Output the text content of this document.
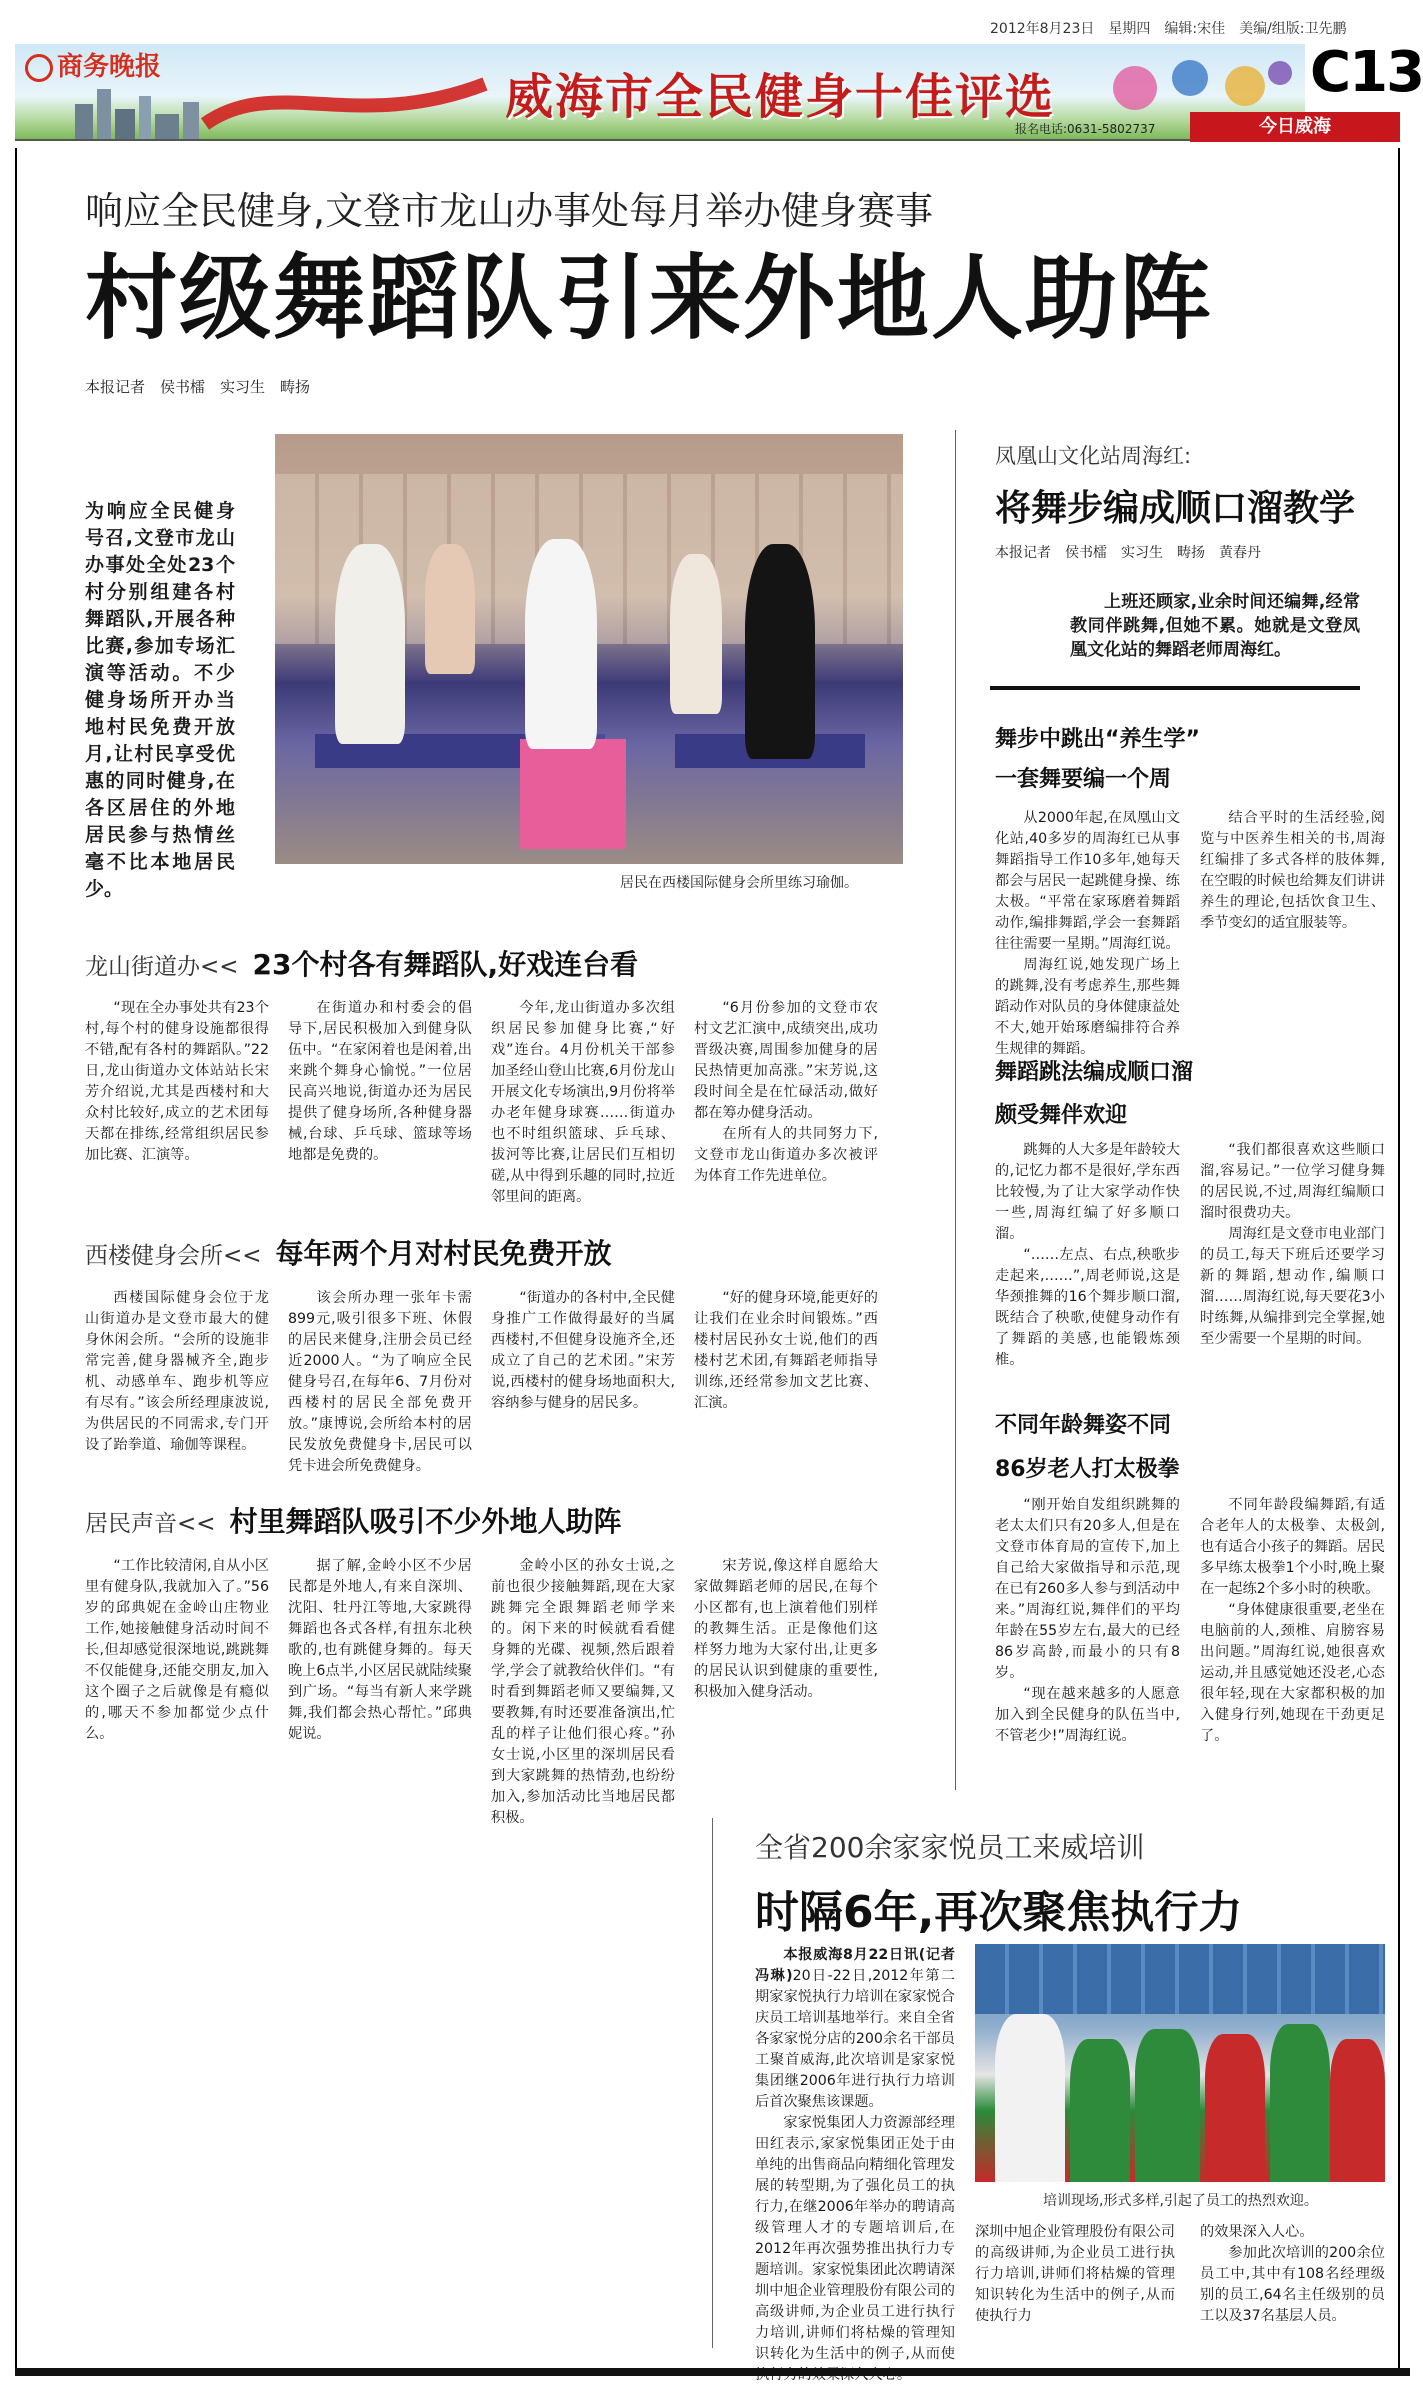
2012年8月23日　星期四　编辑:宋佳　美编/组版:卫先鹏
商务晚报
威海市全民健身十佳评选
报名电话:0631-5802737
C13
今日威海
响应全民健身,文登市龙山办事处每月举办健身赛事
村级舞蹈队引来外地人助阵
本报记者　侯书檑　实习生　畴扬
为响应全民健身号召,文登市龙山办事处全处23个村分别组建各村舞蹈队,开展各种比赛,参加专场汇演等活动。不少健身场所开办当地村民免费开放月,让村民享受优惠的同时健身,在各区居住的外地居民参与热情丝毫不比本地居民少。	居民在西楼国际健身会所里练习瑜伽。
龙山街道办<< 23个村各有舞蹈队,好戏连台看

“现在全办事处共有23个村,每个村的健身设施都很得不错,配有各村的舞蹈队。”22日,龙山街道办文体站站长宋芳介绍说,尤其是西楼村和大众村比较好,成立的艺术团每天都在排练,经常组织居民参加比赛、汇演等。

在街道办和村委会的倡导下,居民积极加入到健身队伍中。“在家闲着也是闲着,出来跳个舞身心愉悦。”一位居民高兴地说,街道办还为居民提供了健身场所,各种健身器械,台球、乒乓球、篮球等场地都是免费的。

今年,龙山街道办多次组织居民参加健身比赛,“好戏”连台。4月份机关干部参加圣经山登山比赛,6月份龙山开展文化专场演出,9月份将举办老年健身球赛……街道办也不时组织篮球、乒乓球、拔河等比赛,让居民们互相切磋,从中得到乐趣的同时,拉近邻里间的距离。

“6月份参加的文登市农村文艺汇演中,成绩突出,成功晋级决赛,周围参加健身的居民热情更加高涨。”宋芳说,这段时间全是在忙碌活动,做好都在筹办健身活动。

在所有人的共同努力下,文登市龙山街道办多次被评为体育工作先进单位。

西楼健身会所<< 每年两个月对村民免费开放

西楼国际健身会位于龙山街道办是文登市最大的健身休闲会所。“会所的设施非常完善,健身器械齐全,跑步机、动感单车、跑步机等应有尽有。”该会所经理康波说,为供居民的不同需求,专门开设了跆拳道、瑜伽等课程。

该会所办理一张年卡需899元,吸引很多下班、休假的居民来健身,注册会员已经近2000人。“为了响应全民健身号召,在每年6、7月份对西楼村的居民全部免费开放。”康博说,会所给本村的居民发放免费健身卡,居民可以凭卡进会所免费健身。

“街道办的各村中,全民健身推广工作做得最好的当属西楼村,不但健身设施齐全,还成立了自己的艺术团。”宋芳说,西楼村的健身场地面积大,容纳参与健身的居民多。

“好的健身环境,能更好的让我们在业余时间锻炼。”西楼村居民孙女士说,他们的西楼村艺术团,有舞蹈老师指导训练,还经常参加文艺比赛、汇演。

居民声音<< 村里舞蹈队吸引不少外地人助阵

“工作比较清闲,自从小区里有健身队,我就加入了。”56岁的邱典妮在金岭山庄物业工作,她接触健身活动时间不长,但却感觉很深地说,跳跳舞不仅能健身,还能交朋友,加入这个圈子之后就像是有瘾似的,哪天不参加都觉少点什么。

据了解,金岭小区不少居民都是外地人,有来自深圳、沈阳、牡丹江等地,大家跳得舞蹈也各式各样,有扭东北秧歌的,也有跳健身舞的。每天晚上6点半,小区居民就陆续聚到广场。“每当有新人来学跳舞,我们都会热心帮忙。”邱典妮说。

金岭小区的孙女士说,之前也很少接触舞蹈,现在大家跳舞完全跟舞蹈老师学来的。闲下来的时候就看看健身舞的光碟、视频,然后跟着学,学会了就教给伙伴们。“有时看到舞蹈老师又要编舞,又要教舞,有时还要准备演出,忙乱的样子让他们很心疼。”孙女士说,小区里的深圳居民看到大家跳舞的热情劲,也纷纷加入,参加活动比当地居民都积极。

宋芳说,像这样自愿给大家做舞蹈老师的居民,在每个小区都有,也上演着他们别样的教舞生活。正是像他们这样努力地为大家付出,让更多的居民认识到健康的重要性,积极加入健身活动。

凤凰山文化站周海红:
将舞步编成顺口溜教学
本报记者　侯书檑　实习生　畴扬　黄春丹

上班还顾家,业余时间还编舞,经常教同伴跳舞,但她不累。她就是文登凤凰文化站的舞蹈老师周海红。

舞步中跳出“养生学”
一套舞要编一个周

从2000年起,在凤凰山文化站,40多岁的周海红已从事舞蹈指导工作10多年,她每天都会与居民一起跳健身操、练太极。“平常在家琢磨着舞蹈动作,编排舞蹈,学会一套舞蹈往往需要一星期。”周海红说。

周海红说,她发现广场上的跳舞,没有考虑养生,那些舞蹈动作对队员的身体健康益处不大,她开始琢磨编排符合养生规律的舞蹈。

结合平时的生活经验,阅览与中医养生相关的书,周海红编排了多式各样的肢体舞,在空暇的时候也给舞友们讲讲养生的理论,包括饮食卫生、季节变幻的适宜服装等。

舞蹈跳法编成顺口溜
颇受舞伴欢迎

跳舞的人大多是年龄较大的,记忆力都不是很好,学东西比较慢,为了让大家学动作快一些,周海红编了好多顺口溜。

“……左点、右点,秧歌步走起来,……”,周老师说,这是华颈推舞的16个舞步顺口溜,既结合了秧歌,使健身动作有了舞蹈的美感,也能锻炼颈椎。

“我们都很喜欢这些顺口溜,容易记。”一位学习健身舞的居民说,不过,周海红编顺口溜时很费功夫。

周海红是文登市电业部门的员工,每天下班后还要学习新的舞蹈,想动作,编顺口溜……周海红说,每天要花3小时练舞,从编排到完全掌握,她至少需要一个星期的时间。

不同年龄舞姿不同
86岁老人打太极拳

“刚开始自发组织跳舞的老太太们只有20多人,但是在文登市体育局的宣传下,加上自己给大家做指导和示范,现在已有260多人参与到活动中来。”周海红说,舞伴们的平均年龄在55岁左右,最大的已经86岁高龄,而最小的只有8岁。

“现在越来越多的人愿意加入到全民健身的队伍当中,不管老少!”周海红说。

不同年龄段编舞蹈,有适合老年人的太极拳、太极剑,也有适合小孩子的舞蹈。居民多早练太极拳1个小时,晚上聚在一起练2个多小时的秧歌。

“身体健康很重要,老坐在电脑前的人,颈椎、肩膀容易出问题。”周海红说,她很喜欢运动,并且感觉她还没老,心态很年轻,现在大家都积极的加入健身行列,她现在干劲更足了。

全省200余家家悦员工来威培训
时隔6年,再次聚焦执行力

本报威海8月22日讯(记者　冯琳)20日-22日,2012年第二期家家悦执行力培训在家家悦合庆员工培训基地举行。来自全省各家家悦分店的200余名干部员工聚首威海,此次培训是家家悦集团继2006年进行执行力培训后首次聚焦该课题。

家家悦集团人力资源部经理田红表示,家家悦集团正处于由单纯的出售商品向精细化管理发展的转型期,为了强化员工的执行力,在继2006年举办的聘请高级管理人才的专题培训后,在2012年再次强势推出执行力专题培训。家家悦集团此次聘请深圳中旭企业管理股份有限公司的高级讲师,为企业员工进行执行力培训,讲师们将枯燥的管理知识转化为生活中的例子,从而使

培训现场,形式多样,引起了员工的热烈欢迎。

深圳中旭企业管理股份有限公司的高级讲师,为企业员工进行执行力培训,讲师们将枯燥的管理知识转化为生活中的例子,从而使执行力

的效果深入人心。

参加此次培训的200余位员工中,其中有108名经理级别的员工,64名主任级别的员工以及37名基层人员。
